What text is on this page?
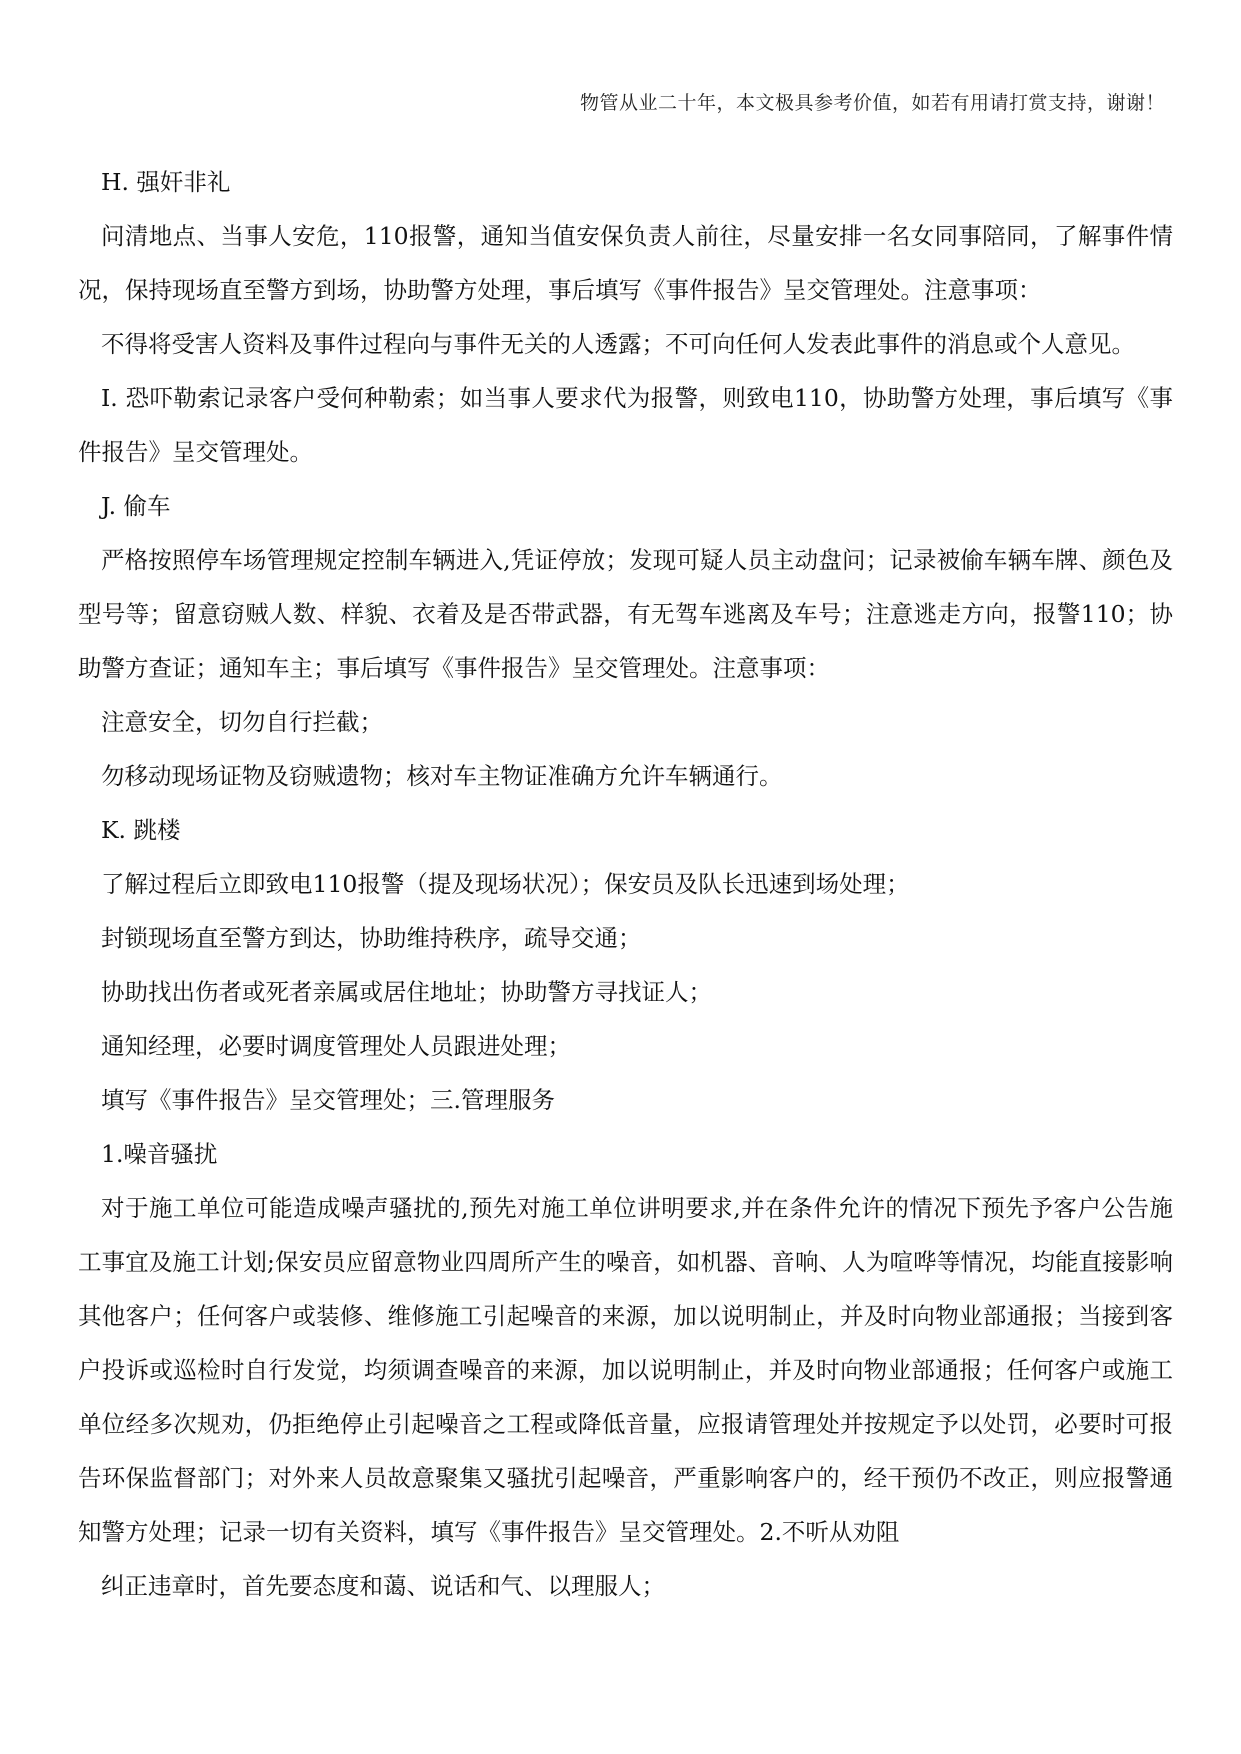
物管从业二十年，本文极具参考价值，如若有用请打赏支持，谢谢！

H. 强奸非礼

问清地点、当事人安危，110报警，通知当值安保负责人前往，尽量安排一名女同事陪同，了解事件情况，保持现场直至警方到场，协助警方处理，事后填写《事件报告》呈交管理处。注意事项：

不得将受害人资料及事件过程向与事件无关的人透露；不可向任何人发表此事件的消息或个人意见。

I. 恐吓勒索记录客户受何种勒索；如当事人要求代为报警，则致电110，协助警方处理，事后填写《事件报告》呈交管理处。

J. 偷车

严格按照停车场管理规定控制车辆进入,凭证停放；发现可疑人员主动盘问；记录被偷车辆车牌、颜色及型号等；留意窃贼人数、样貌、衣着及是否带武器，有无驾车逃离及车号；注意逃走方向，报警110；协助警方查证；通知车主；事后填写《事件报告》呈交管理处。注意事项：

注意安全，切勿自行拦截；

勿移动现场证物及窃贼遗物；核对车主物证准确方允许车辆通行。

K. 跳楼

了解过程后立即致电110报警（提及现场状况）；保安员及队长迅速到场处理；

封锁现场直至警方到达，协助维持秩序，疏导交通；

协助找出伤者或死者亲属或居住地址；协助警方寻找证人；

通知经理，必要时调度管理处人员跟进处理；

填写《事件报告》呈交管理处；三.管理服务

1.噪音骚扰

对于施工单位可能造成噪声骚扰的,预先对施工单位讲明要求,并在条件允许的情况下预先予客户公告施工事宜及施工计划;保安员应留意物业四周所产生的噪音，如机器、音响、人为喧哗等情况，均能直接影响其他客户；任何客户或装修、维修施工引起噪音的来源，加以说明制止，并及时向物业部通报；当接到客户投诉或巡检时自行发觉，均须调查噪音的来源，加以说明制止，并及时向物业部通报；任何客户或施工单位经多次规劝，仍拒绝停止引起噪音之工程或降低音量，应报请管理处并按规定予以处罚，必要时可报告环保监督部门；对外来人员故意聚集又骚扰引起噪音，严重影响客户的，经干预仍不改正，则应报警通知警方处理；记录一切有关资料，填写《事件报告》呈交管理处。2.不听从劝阻

纠正违章时，首先要态度和蔼、说话和气、以理服人；
